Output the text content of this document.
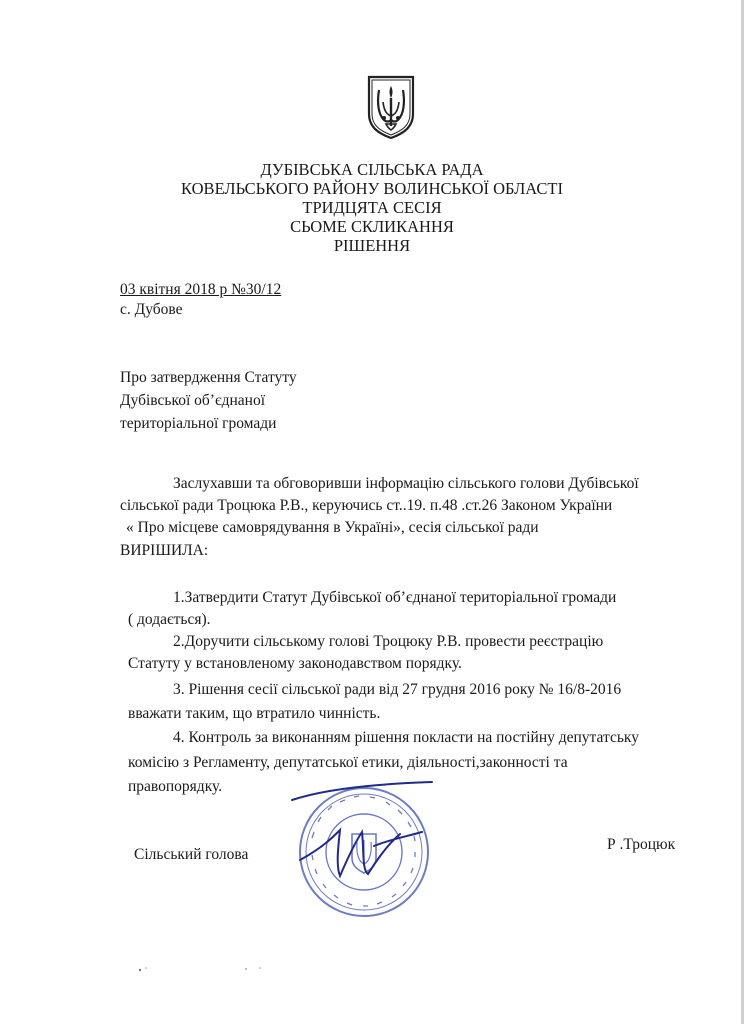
ДУБІВСЬКА СІЛЬСЬКА РАДА
КОВЕЛЬСЬКОГО РАЙОНУ ВОЛИНСЬКОЇ ОБЛАСТІ
ТРИДЦЯТА СЕСІЯ
СЬОМЕ СКЛИКАННЯ
РІШЕННЯ
03 квітня 2018 р №30/12
с. Дубове
Про затвердження Статуту
Дубівської об’єднаної
територіальної громади
Заслухавши та обговоривши інформацію сільського голови Дубівської
сільської ради Троцюка Р.В., керуючись ст..19. п.48 .ст.26 Законом України
« Про місцеве самоврядування в Україні», сесія сільської ради
ВИРІШИЛА:
1.Затвердити Статут Дубівської об’єднаної територіальної громади
( додається).
2.Доручити сільському голові Троцюку Р.В. провести реєстрацію
Статуту у встановленому законодавством порядку.
3. Рішення сесії сільської ради від 27 грудня 2016 року № 16/8-2016
вважати таким, що втратило чинність.
4. Контроль за виконанням рішення покласти на постійну депутатську
комісію з Регламенту, депутатської етики, діяльності,законності та
правопорядку.
Сільський голова
Р .Троцюк
